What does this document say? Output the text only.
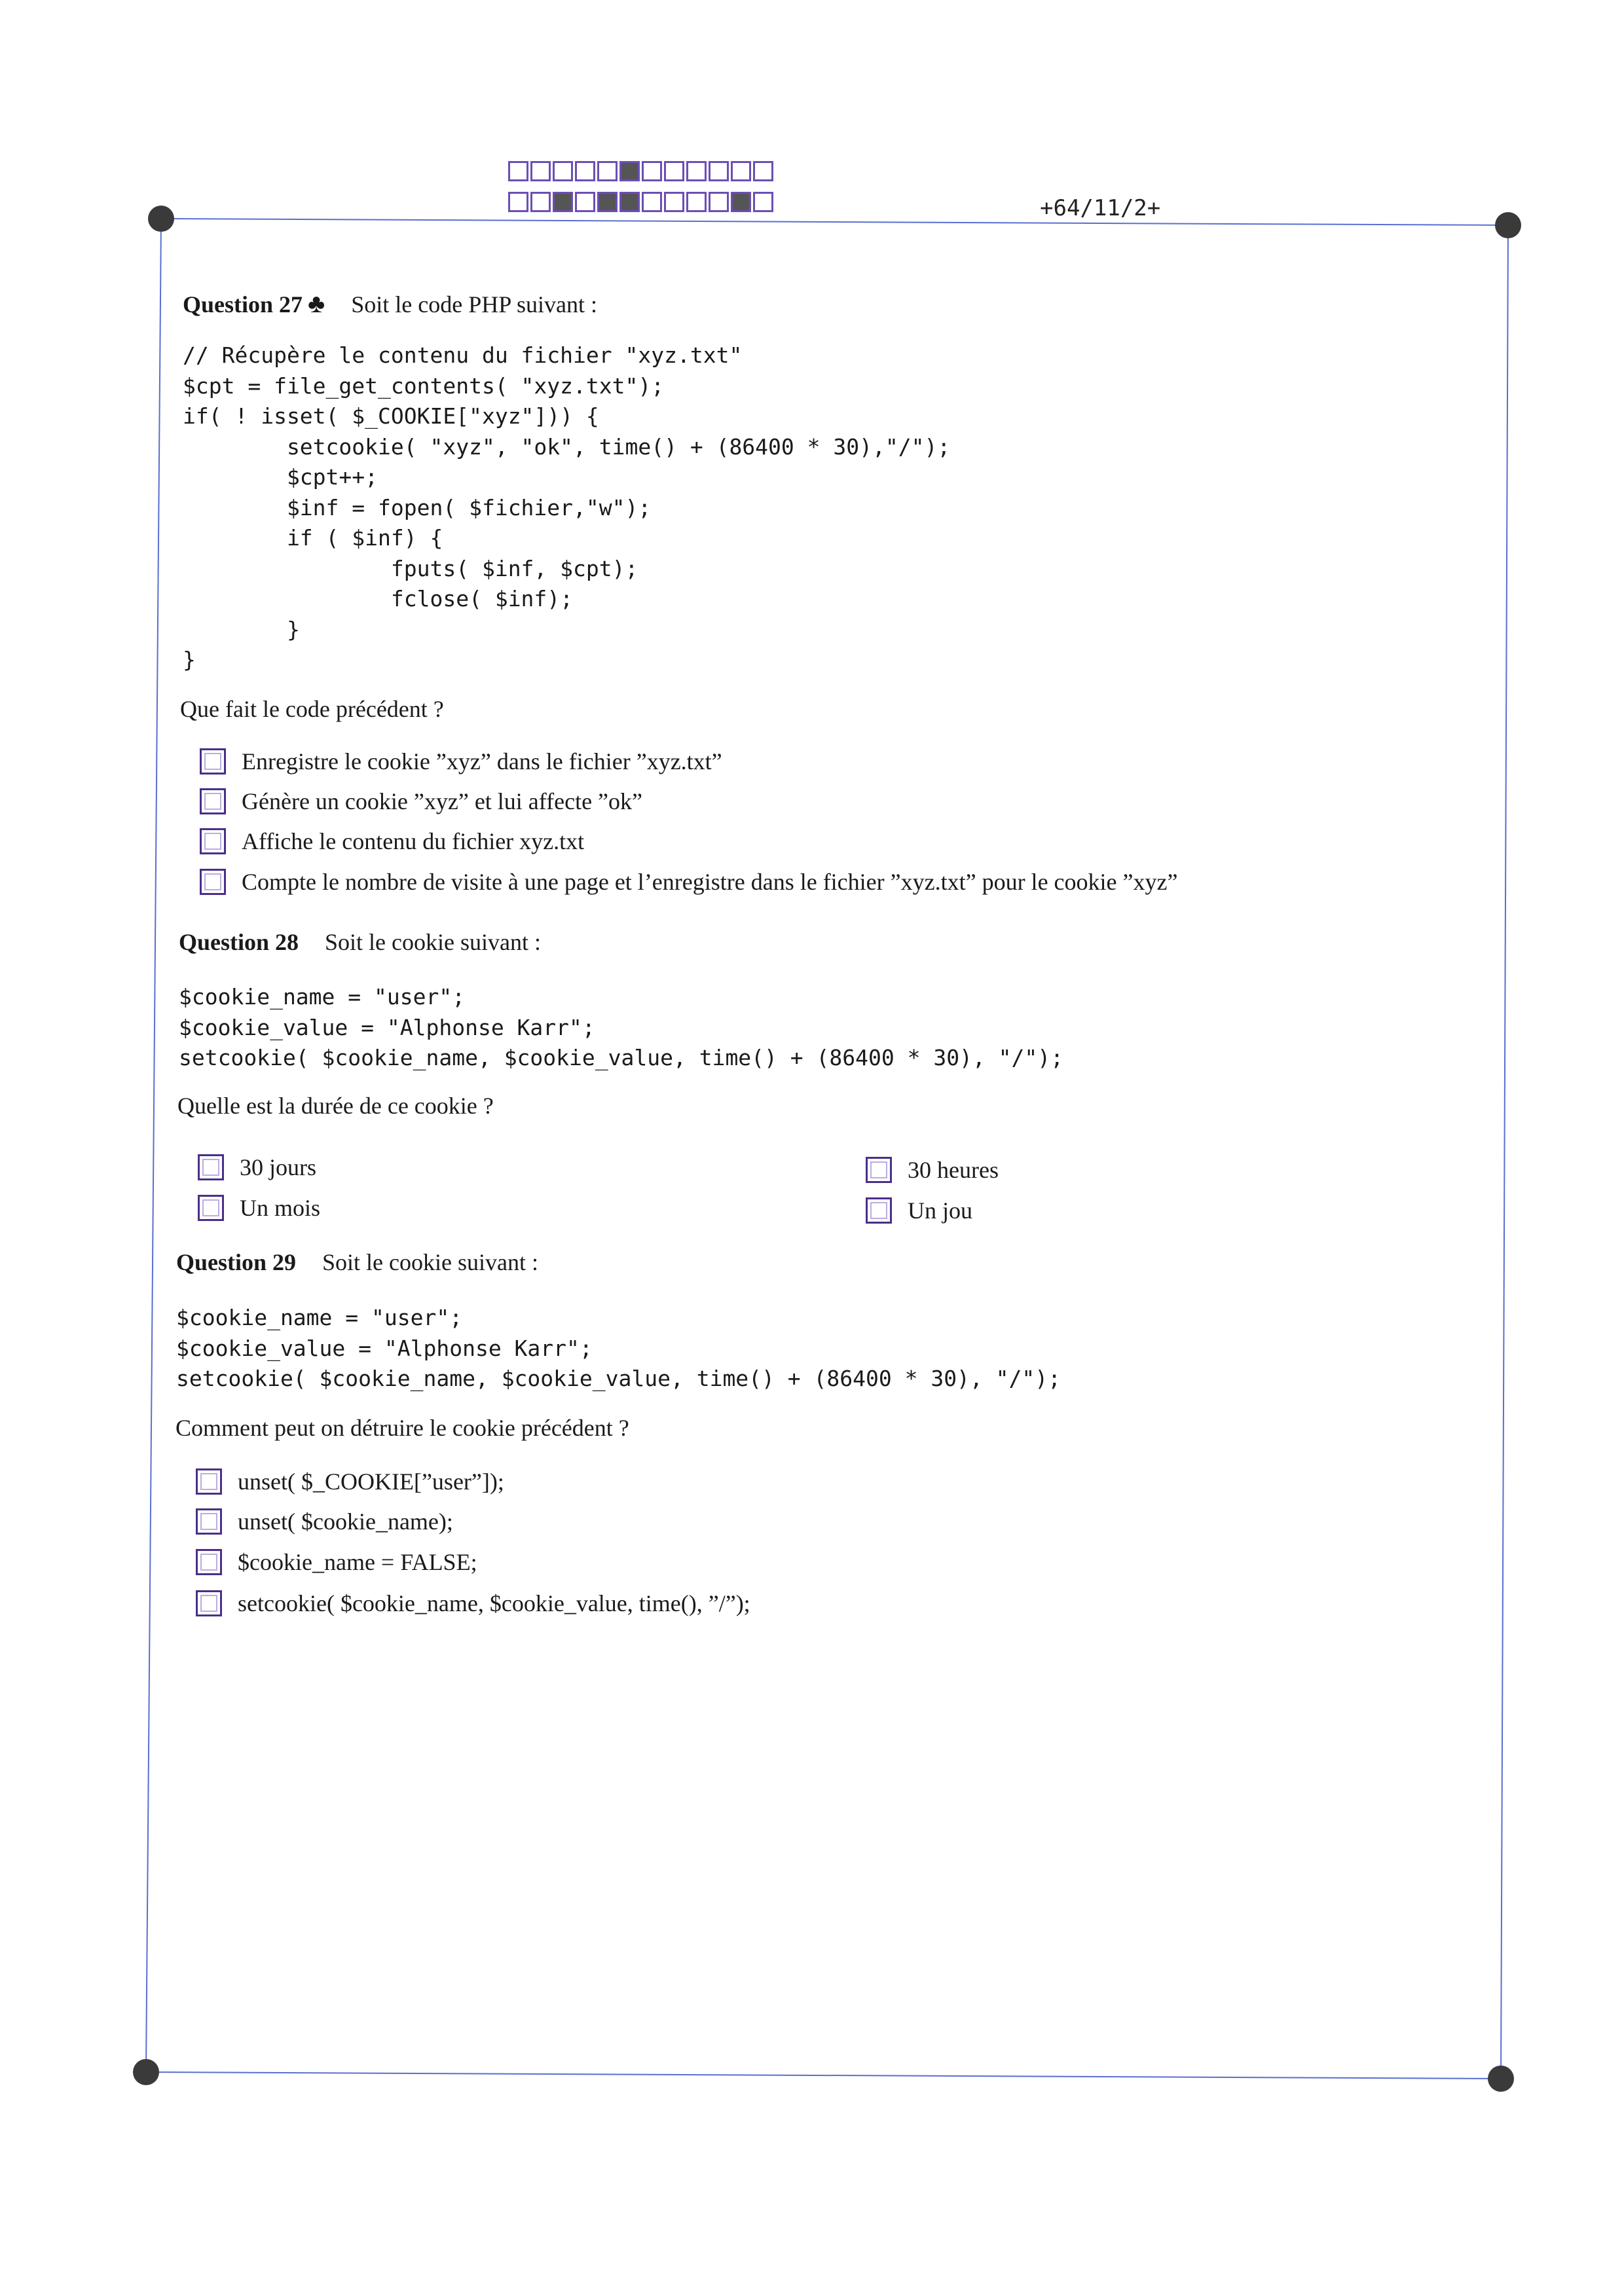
+64/11/2+
Question 27 ♣ Soit le code PHP suivant :
// Récupère le contenu du fichier "xyz.txt"
$cpt = file_get_contents( "xyz.txt");
if( ! isset( $_COOKIE["xyz"])) {
setcookie( "xyz", "ok", time() + (86400 * 30),"/");
$cpt++;
$inf = fopen( $fichier,"w");
if ( $inf) {
fputs( $inf, $cpt);
fclose( $inf);
}
}
Que fait le code précédent ?
Enregistre le cookie ”xyz” dans le fichier ”xyz.txt”
Génère un cookie ”xyz” et lui affecte ”ok”
Affiche le contenu du fichier xyz.txt
Compte le nombre de visite à une page et l’enregistre dans le fichier ”xyz.txt” pour le cookie ”xyz”
Question 28 Soit le cookie suivant :
$cookie_name = "user";
$cookie_value = "Alphonse Karr";
setcookie( $cookie_name, $cookie_value, time() + (86400 * 30), "/");
Quelle est la durée de ce cookie ?
30 jours
Un mois
30 heures
Un jou
Question 29 Soit le cookie suivant :
$cookie_name = "user";
$cookie_value = "Alphonse Karr";
setcookie( $cookie_name, $cookie_value, time() + (86400 * 30), "/");
Comment peut on détruire le cookie précédent ?
unset( $_COOKIE[”user”]);
unset( $cookie_name);
$cookie_name = FALSE;
setcookie( $cookie_name, $cookie_value, time(), ”/”);
